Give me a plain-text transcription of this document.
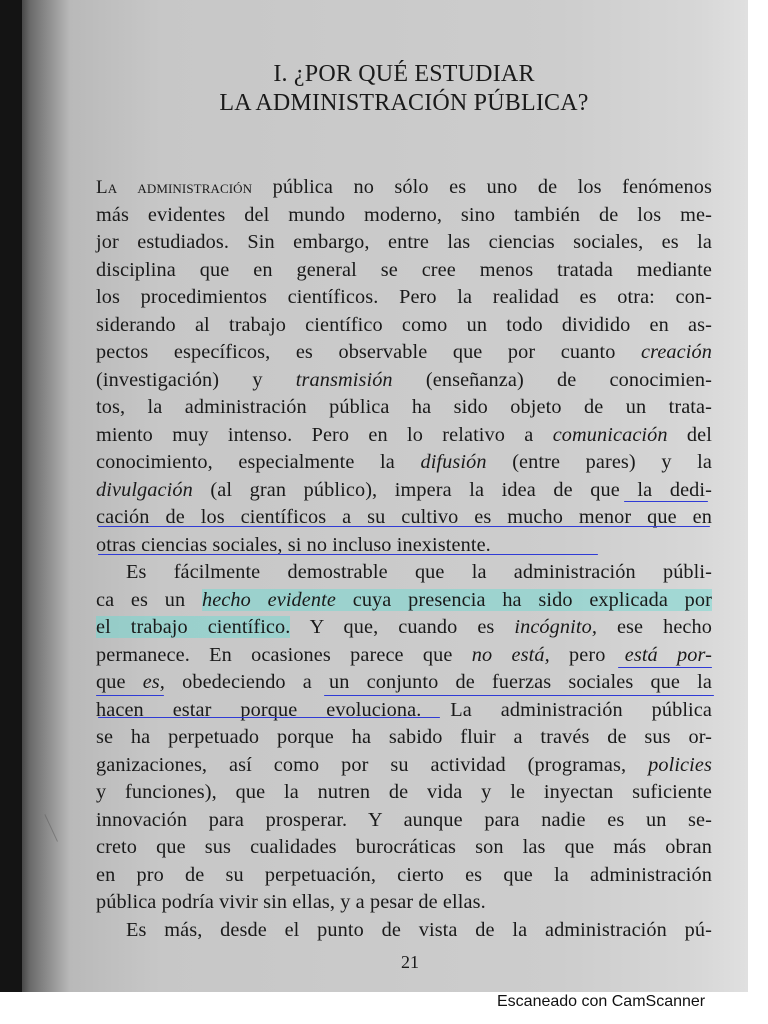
I. ¿POR QUÉ ESTUDIAR
LA ADMINISTRACIÓN PÚBLICA?
La administración pública no sólo es uno de los fenómenos
más evidentes del mundo moderno, sino también de los me-
jor estudiados. Sin embargo, entre las ciencias sociales, es la
disciplina que en general se cree menos tratada mediante
los procedimientos científicos. Pero la realidad es otra: con-
siderando al trabajo científico como un todo dividido en as-
pectos específicos, es observable que por cuanto creación
(investigación) y transmisión (enseñanza) de conocimien-
tos, la administración pública ha sido objeto de un trata-
miento muy intenso. Pero en lo relativo a comunicación del
conocimiento, especialmente la difusión (entre pares) y la
divulgación (al gran público), impera la idea de que la dedi-
cación de los científicos a su cultivo es mucho menor que en
otras ciencias sociales, si no incluso inexistente.
Es fácilmente demostrable que la administración públi-
ca es un hecho evidente cuya presencia ha sido explicada por
el trabajo científico. Y que, cuando es incógnito, ese hecho
permanece. En ocasiones parece que no está, pero está por-
que es, obedeciendo a un conjunto de fuerzas sociales que la
hacen estar porque evoluciona. La administración pública
se ha perpetuado porque ha sabido fluir a través de sus or-
ganizaciones, así como por su actividad (programas, policies
y funciones), que la nutren de vida y le inyectan suficiente
innovación para prosperar. Y aunque para nadie es un se-
creto que sus cualidades burocráticas son las que más obran
en pro de su perpetuación, cierto es que la administración
pública podría vivir sin ellas, y a pesar de ellas.
Es más, desde el punto de vista de la administración pú-
21
Escaneado con CamScanner
